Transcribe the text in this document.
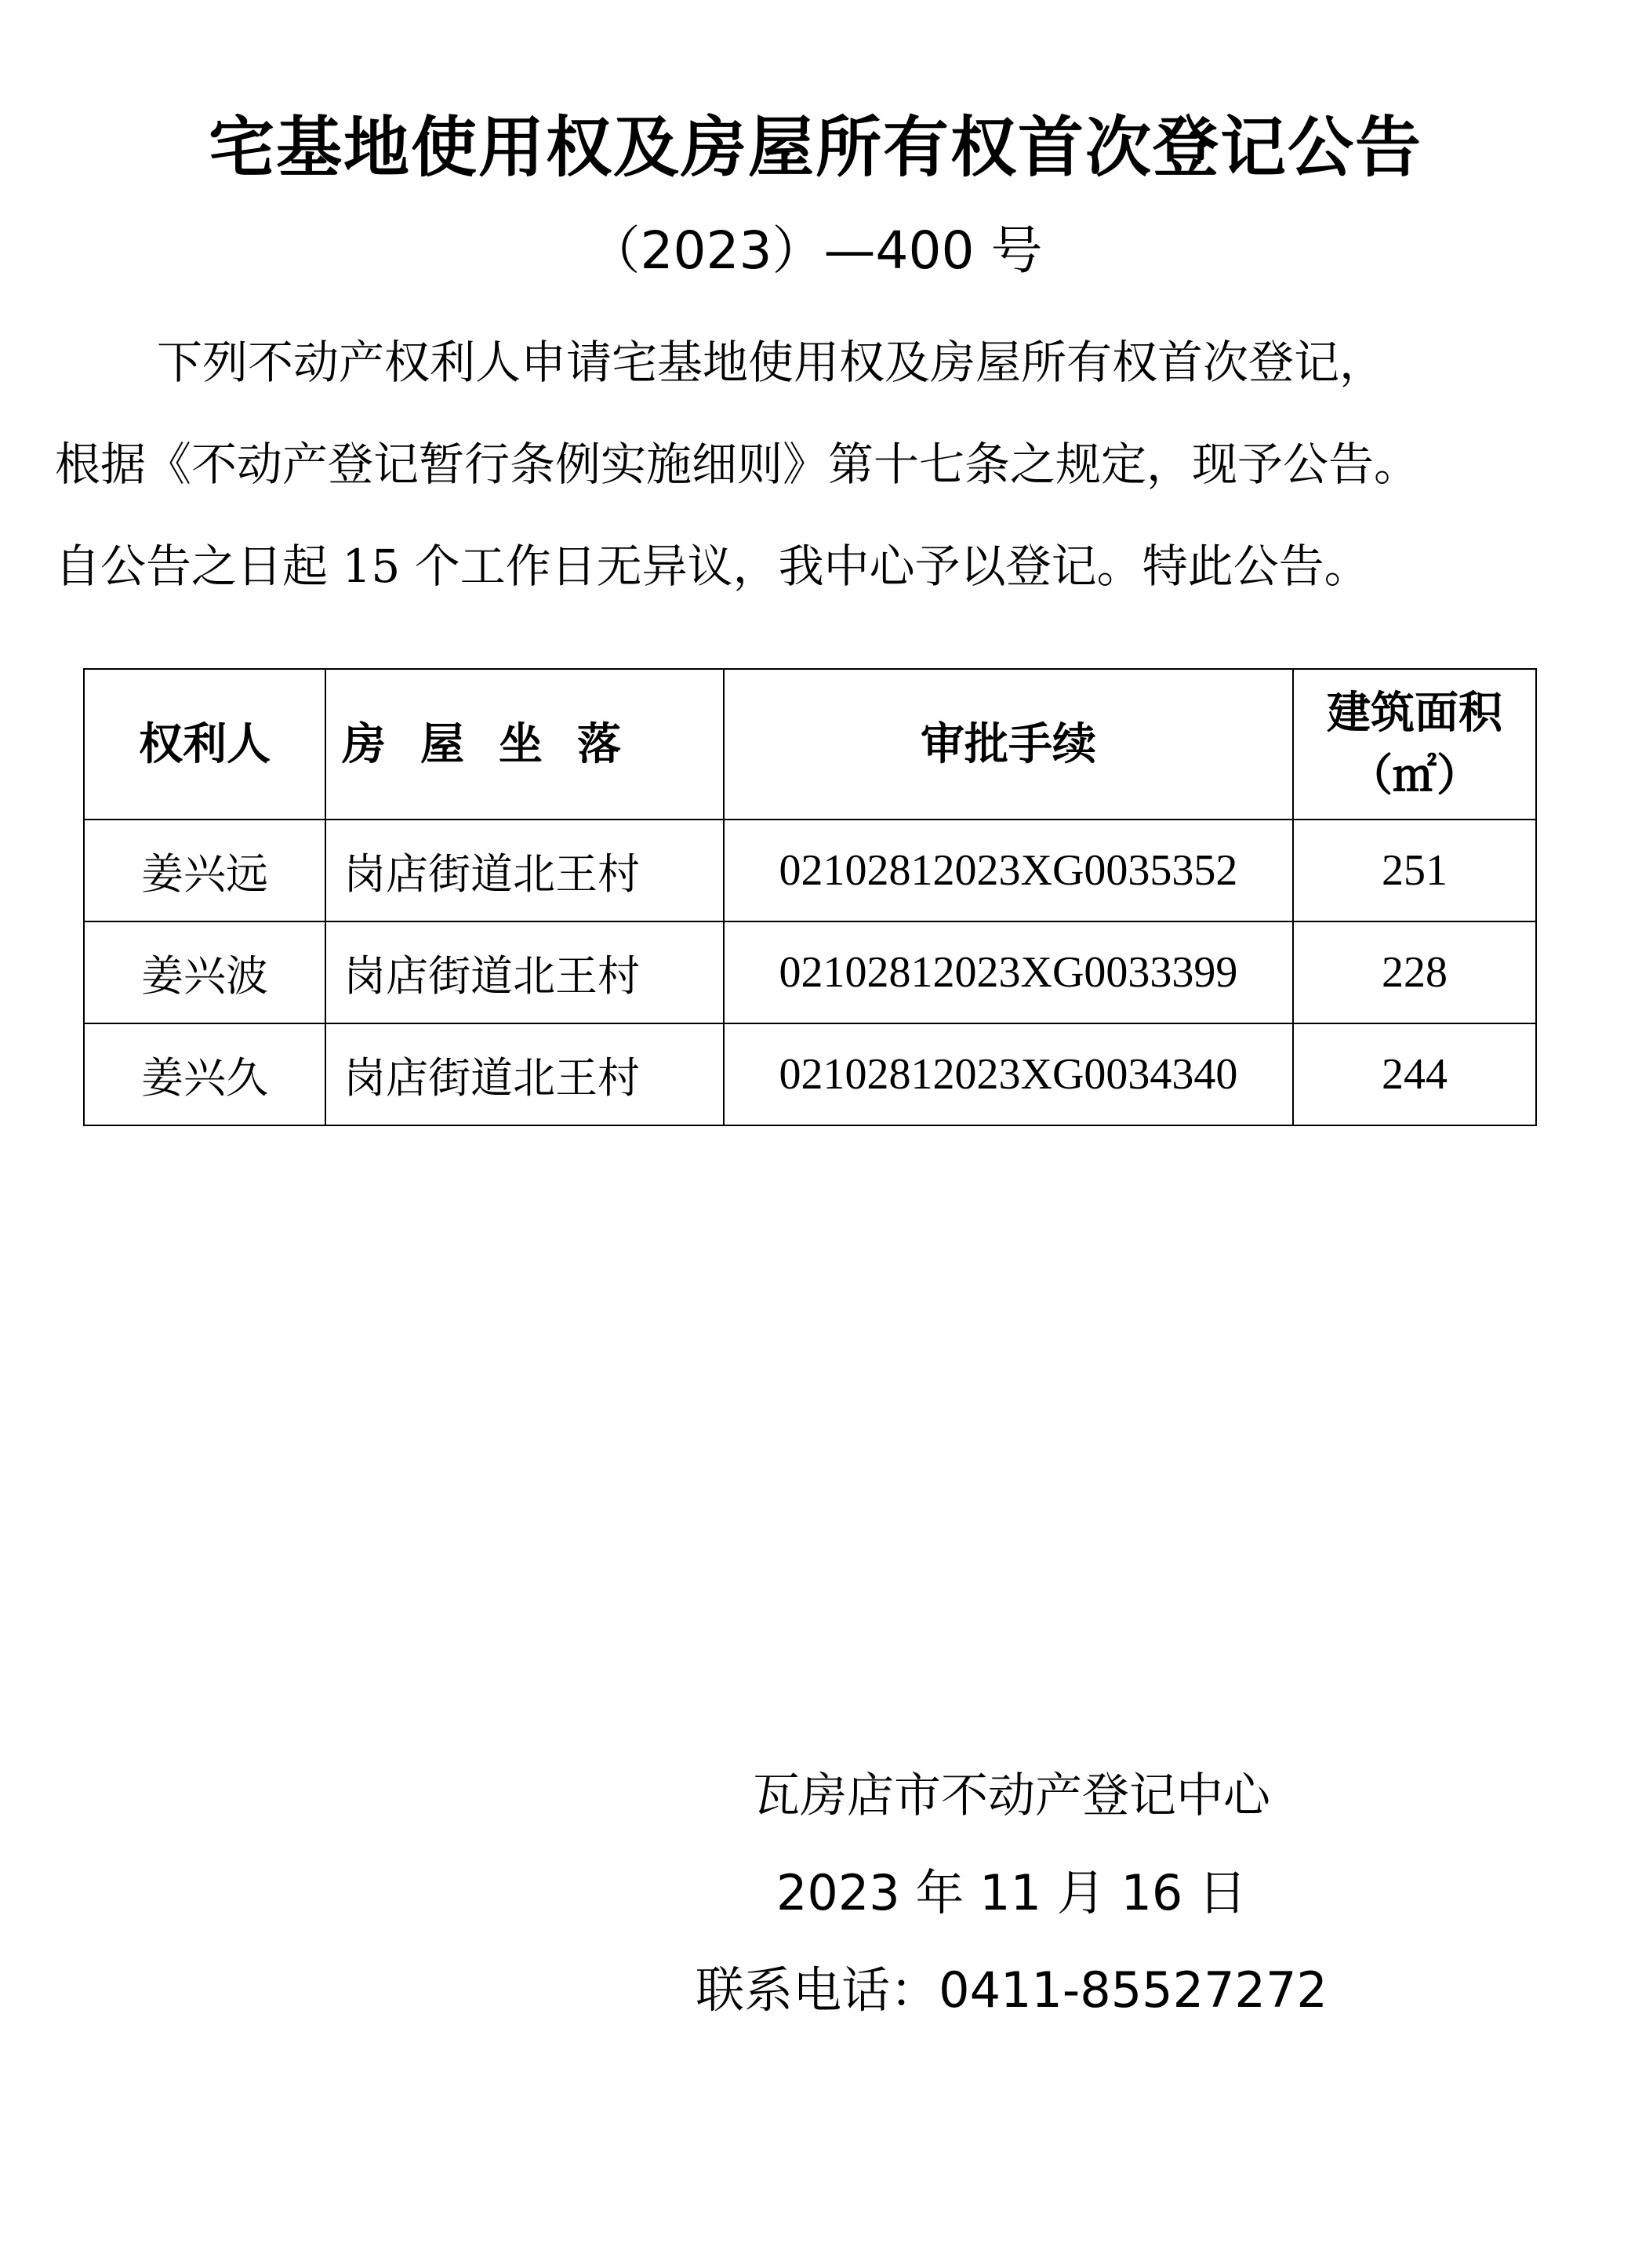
宅基地使用权及房屋所有权首次登记公告
（2023）—400 号
下列不动产权利人申请宅基地使用权及房屋所有权首次登记，
根据《不动产登记暂行条例实施细则》第十七条之规定，现予公告。
自公告之日起 15 个工作日无异议，我中心予以登记。特此公告。
权利人	房屋坐落	审批手续	建筑面积
（㎡）

姜兴远	岗店街道北王村	02102812023XG0035352	251
姜兴波	岗店街道北王村	02102812023XG0033399	228
姜兴久	岗店街道北王村	02102812023XG0034340	244
瓦房店市不动产登记中心
2023 年 11 月 16 日
联系电话：0411-85527272
